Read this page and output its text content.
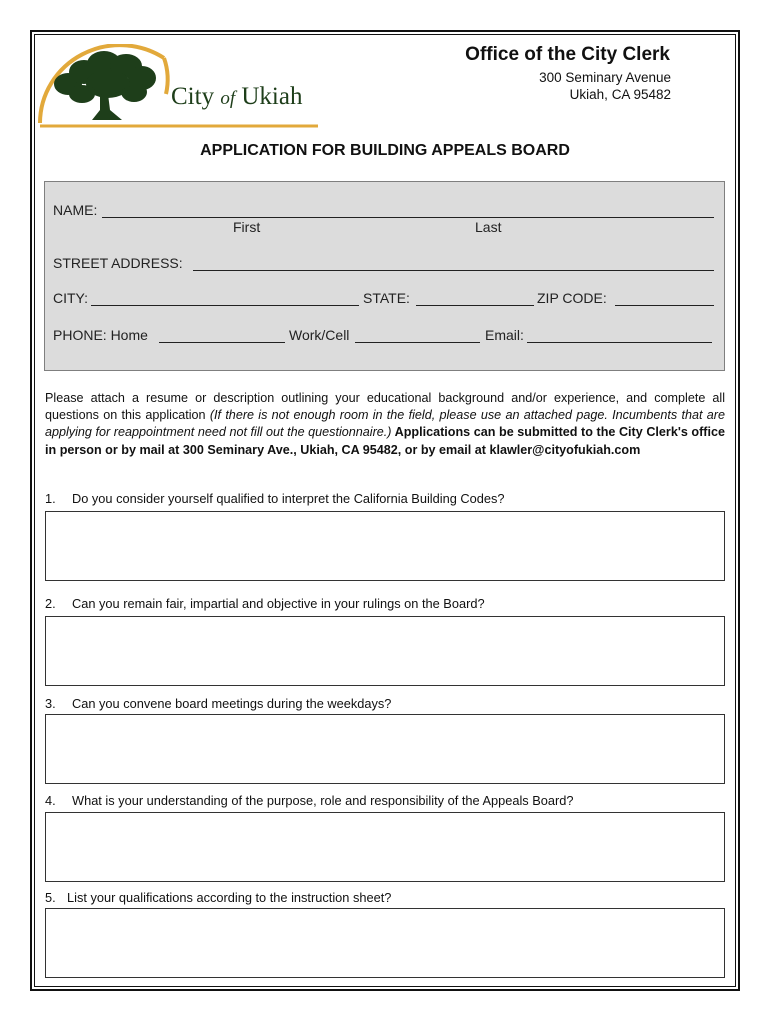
City of Ukiah
Office of the City Clerk
300 Seminary Avenue
Ukiah, CA 95482
APPLICATION FOR BUILDING APPEALS BOARD
NAME:
First	Last
STREET ADDRESS:
CITY:	STATE:	ZIP CODE:
PHONE: Home	Work/Cell	Email:
Please attach a resume or description outlining your educational background and/or experience, and complete all questions on this application (If there is not enough room in the field, please use an attached page. Incumbents that are applying for reappointment need not fill out the questionnaire.) Applications can be submitted to the City Clerk's office in person or by mail at 300 Seminary Ave., Ukiah, CA 95482, or by email at klawler@cityofukiah.com
1. Do you consider yourself qualified to interpret the California Building Codes?
2. Can you remain fair, impartial and objective in your rulings on the Board?
3. Can you convene board meetings during the weekdays?
4. What is your understanding of the purpose, role and responsibility of the Appeals Board?
5. List your qualifications according to the instruction sheet?
